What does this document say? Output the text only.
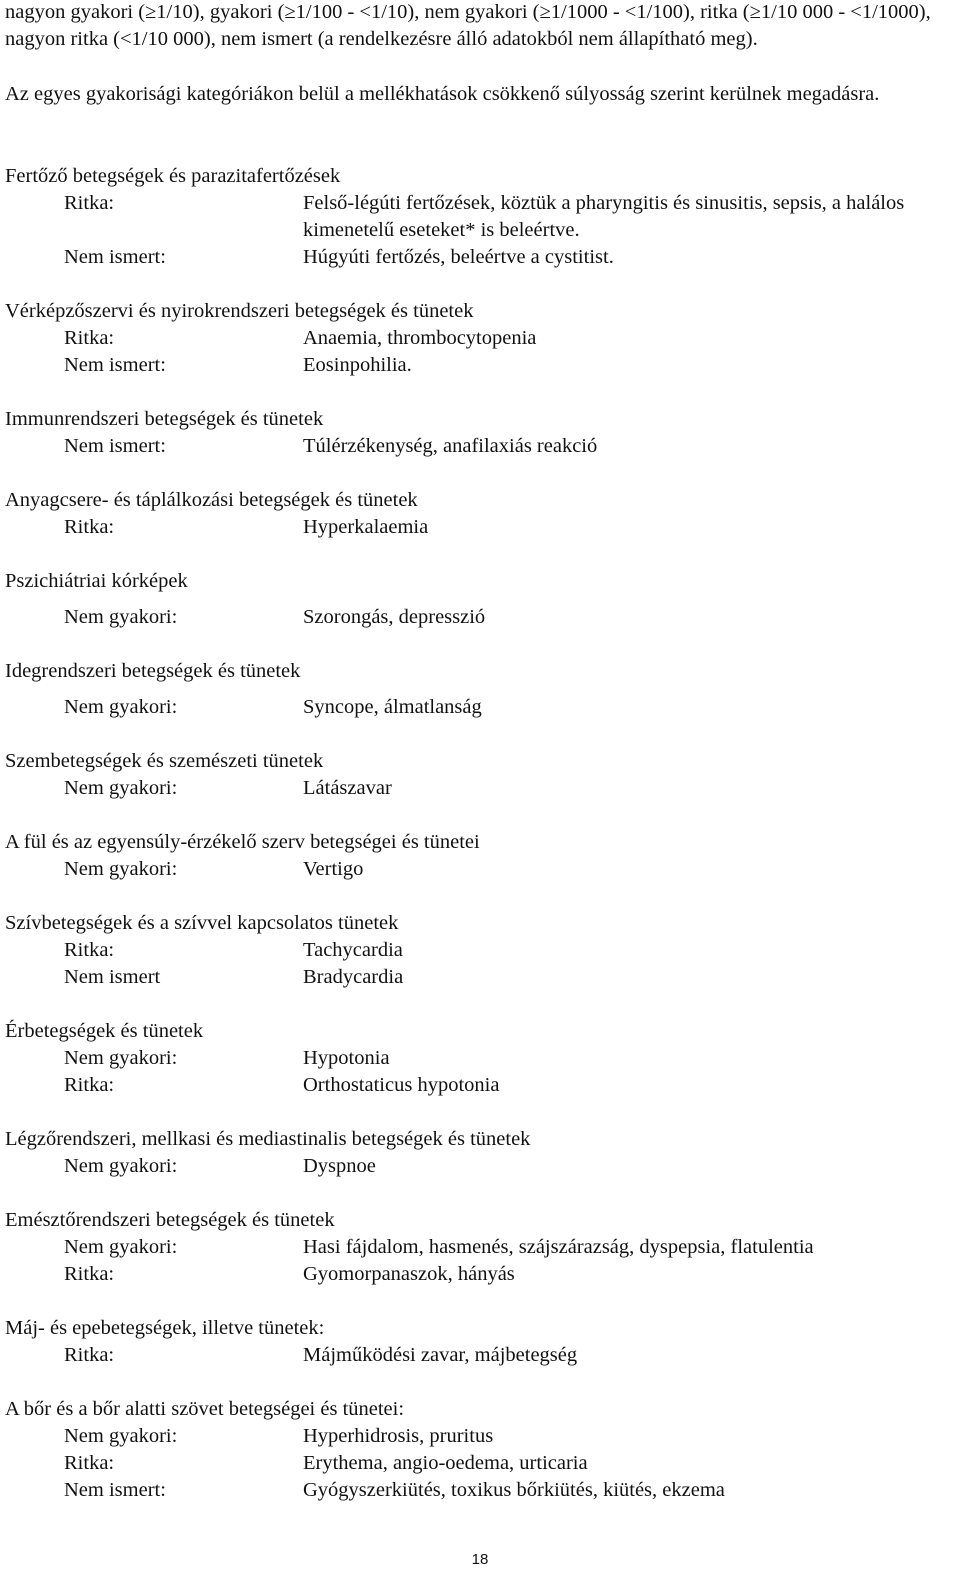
nagyon gyakori (≥1/10), gyakori (≥1/100 - <1/10), nem gyakori (≥1/1000 - <1/100), ritka (≥1/10 000 - <1/1000), nagyon ritka (<1/10 000), nem ismert (a rendelkezésre álló adatokból nem állapítható meg).
Az egyes gyakorisági kategóriákon belül a mellékhatások csökkenő súlyosság szerint kerülnek megadásra.
Fertőző betegségek és parazitafertőzések
Ritka:	Felső-légúti fertőzések, köztük a pharyngitis és sinusitis, sepsis, a halálos kimenetelű eseteket* is beleértve.
Nem ismert:	Húgyúti fertőzés, beleértve a cystitist.
Vérképzőszervi és nyirokrendszeri betegségek és tünetek
Ritka:	Anaemia, thrombocytopenia
Nem ismert:	Eosinpohilia.
Immunrendszeri betegségek és tünetek
Nem ismert:	Túlérzékenység, anafilaxiás reakció
Anyagcsere- és táplálkozási betegségek és tünetek
Ritka:	Hyperkalaemia
Pszichiátriai kórképek
Nem gyakori:	Szorongás, depresszió
Idegrendszeri betegségek és tünetek
Nem gyakori:	Syncope, álmatlanság
Szembetegségek és szemészeti tünetek
Nem gyakori:	Látászavar
A fül és az egyensúly-érzékelő szerv betegségei és tünetei
Nem gyakori:	Vertigo
Szívbetegségek és a szívvel kapcsolatos tünetek
Ritka:	Tachycardia
Nem ismert	Bradycardia
Érbetegségek és tünetek
Nem gyakori:	Hypotonia
Ritka:	Orthostaticus hypotonia
Légzőrendszeri, mellkasi és mediastinalis betegségek és tünetek
Nem gyakori:	Dyspnoe
Emésztőrendszeri betegségek és tünetek
Nem gyakori:	Hasi fájdalom, hasmenés, szájszárazság, dyspepsia, flatulentia
Ritka:	Gyomorpanaszok, hányás
Máj- és epebetegségek, illetve tünetek:
Ritka:	Májműködési zavar, májbetegség
A bőr és a bőr alatti szövet betegségei és tünetei:
Nem gyakori:	Hyperhidrosis, pruritus
Ritka:	Erythema, angio-oedema, urticaria
Nem ismert:	Gyógyszerkiütés, toxikus bőrkiütés, kiütés, ekzema
18
